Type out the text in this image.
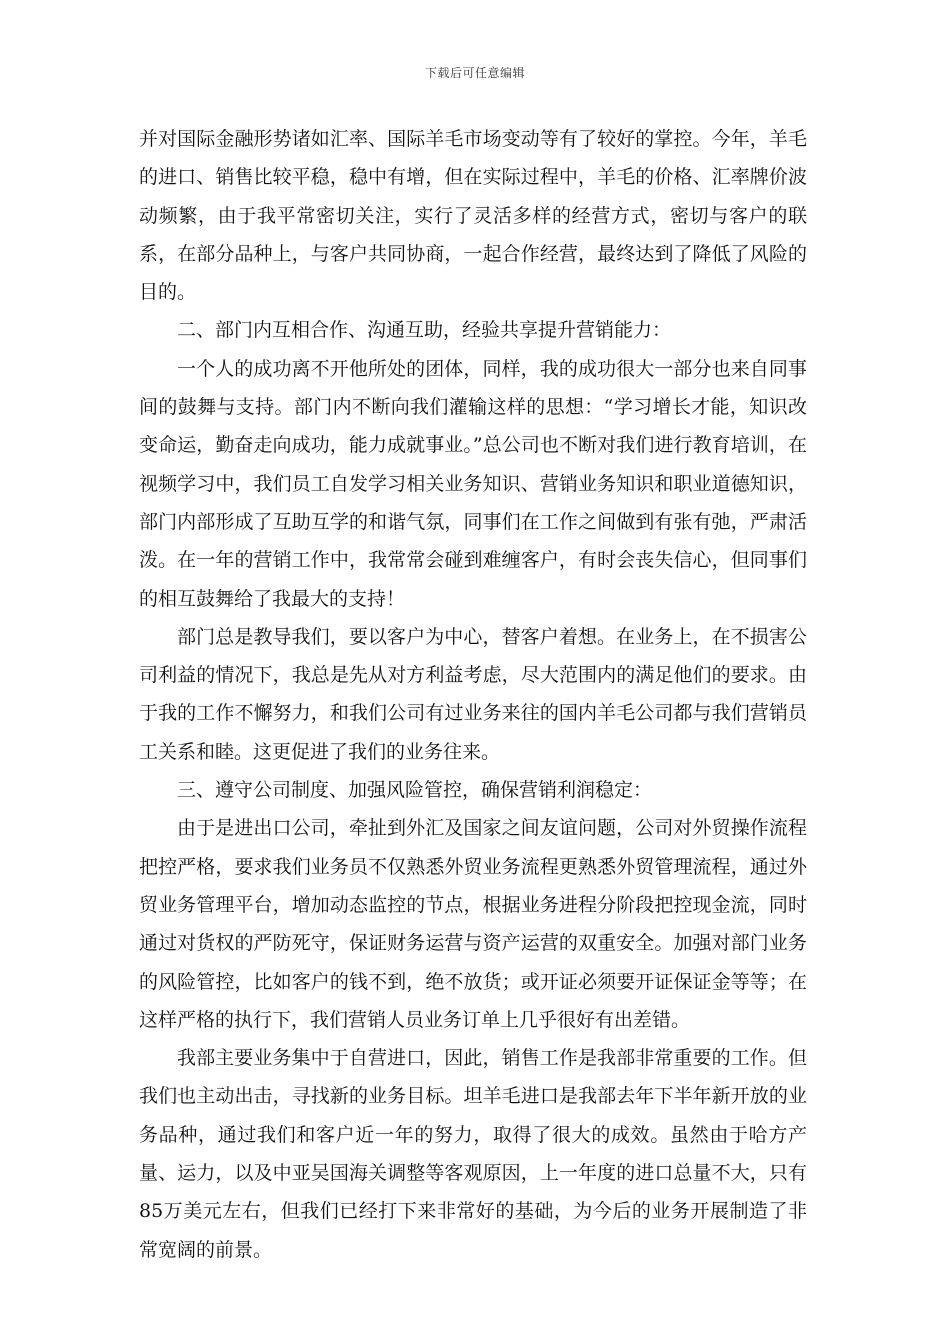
下载后可任意编辑

并对国际金融形势诸如汇率、国际羊毛市场变动等有了较好的掌控。今年，羊毛的进口、销售比较平稳，稳中有增，但在实际过程中，羊毛的价格、汇率牌价波动频繁，由于我平常密切关注，实行了灵活多样的经营方式，密切与客户的联系，在部分品种上，与客户共同协商，一起合作经营，最终达到了降低了风险的目的。

二、部门内互相合作、沟通互助，经验共享提升营销能力：

一个人的成功离不开他所处的团体，同样，我的成功很大一部分也来自同事间的鼓舞与支持。部门内不断向我们灌输这样的思想：“学习增长才能，知识改变命运，勤奋走向成功，能力成就事业。”总公司也不断对我们进行教育培训，在视频学习中，我们员工自发学习相关业务知识、营销业务知识和职业道德知识，部门内部形成了互助互学的和谐气氛，同事们在工作之间做到有张有弛，严肃活泼。在一年的营销工作中，我常常会碰到难缠客户，有时会丧失信心，但同事们的相互鼓舞给了我最大的支持！

部门总是教导我们，要以客户为中心，替客户着想。在业务上，在不损害公司利益的情况下，我总是先从对方利益考虑，尽大范围内的满足他们的要求。由于我的工作不懈努力，和我们公司有过业务来往的国内羊毛公司都与我们营销员工关系和睦。这更促进了我们的业务往来。

三、遵守公司制度、加强风险管控，确保营销利润稳定：

由于是进出口公司，牵扯到外汇及国家之间友谊问题，公司对外贸操作流程把控严格，要求我们业务员不仅熟悉外贸业务流程更熟悉外贸管理流程，通过外贸业务管理平台，增加动态监控的节点，根据业务进程分阶段把控现金流，同时通过对货权的严防死守，保证财务运营与资产运营的双重安全。加强对部门业务的风险管控，比如客户的钱不到，绝不放货；或开证必须要开证保证金等等；在这样严格的执行下，我们营销人员业务订单上几乎很好有出差错。

我部主要业务集中于自营进口，因此，销售工作是我部非常重要的工作。但我们也主动出击，寻找新的业务目标。坦羊毛进口是我部去年下半年新开放的业务品种，通过我们和客户近一年的努力，取得了很大的成效。虽然由于哈方产量、运力，以及中亚吴国海关调整等客观原因，上一年度的进口总量不大，只有85万美元左右，但我们已经打下来非常好的基础，为今后的业务开展制造了非常宽阔的前景。
